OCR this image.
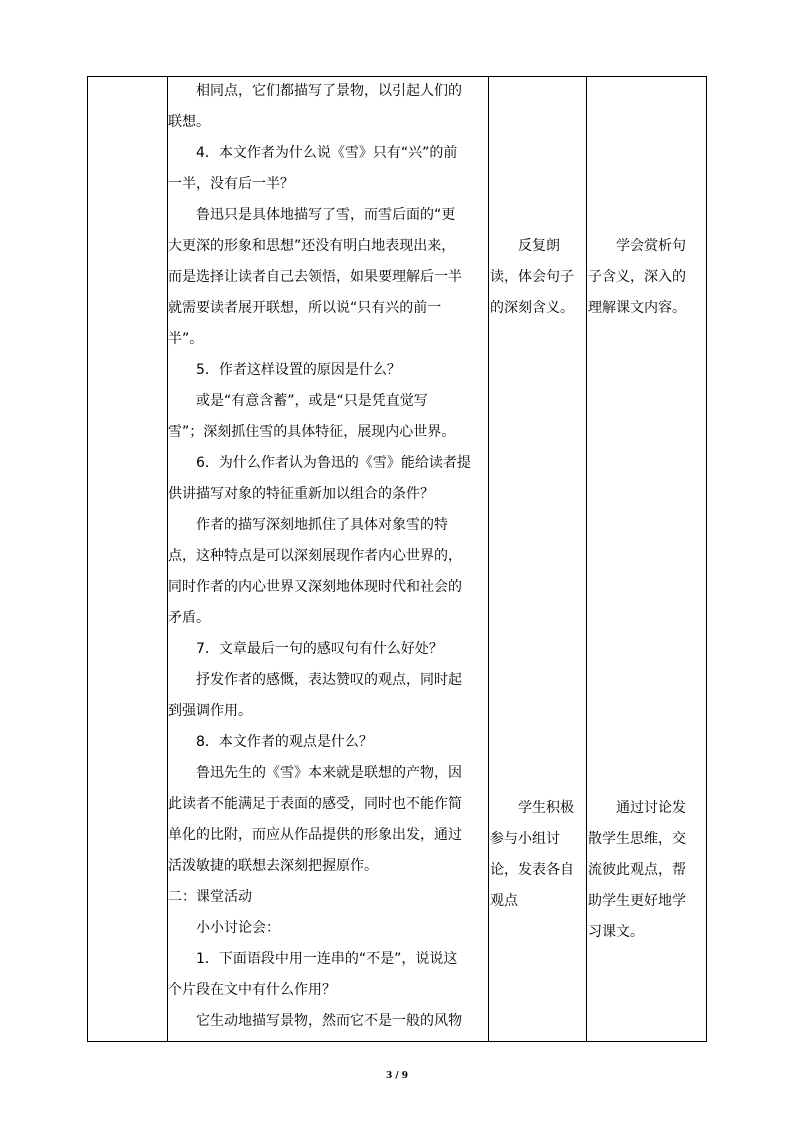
　　相同点，它们都描写了景物，以引起人们的
联想。
　　4．本文作者为什么说《雪》只有“兴”的前
一半，没有后一半？
　　鲁迅只是具体地描写了雪，而雪后面的“更
大更深的形象和思想”还没有明白地表现出来，
而是选择让读者自己去领悟，如果要理解后一半
就需要读者展开联想，所以说“只有兴的前一
半”。
　　5．作者这样设置的原因是什么？
　　或是“有意含蓄”，或是“只是凭直觉写
雪”；深刻抓住雪的具体特征，展现内心世界。
　　6．为什么作者认为鲁迅的《雪》能给读者提
供讲描写对象的特征重新加以组合的条件？
　　作者的描写深刻地抓住了具体对象雪的特
点，这种特点是可以深刻展现作者内心世界的，
同时作者的内心世界又深刻地体现时代和社会的
矛盾。
　　7．文章最后一句的感叹句有什么好处？
　　抒发作者的感慨，表达赞叹的观点，同时起
到强调作用。
　　8．本文作者的观点是什么？
　　鲁迅先生的《雪》本来就是联想的产物，因
此读者不能满足于表面的感受，同时也不能作简
单化的比附，而应从作品提供的形象出发，通过
活泼敏捷的联想去深刻把握原作。
二：课堂活动
　　小小讨论会：
　　1．下面语段中用一连串的“不是”，说说这
个片段在文中有什么作用？
　　它生动地描写景物，然而它不是一般的风物
　　反复朗
读，体会句子
的深刻含义。
　　学会赏析句
子含义，深入的
理解课文内容。
　　学生积极
参与小组讨
论，发表各自
观点
　　通过讨论发
散学生思维，交
流彼此观点，帮
助学生更好地学
习课文。
3 / 9
